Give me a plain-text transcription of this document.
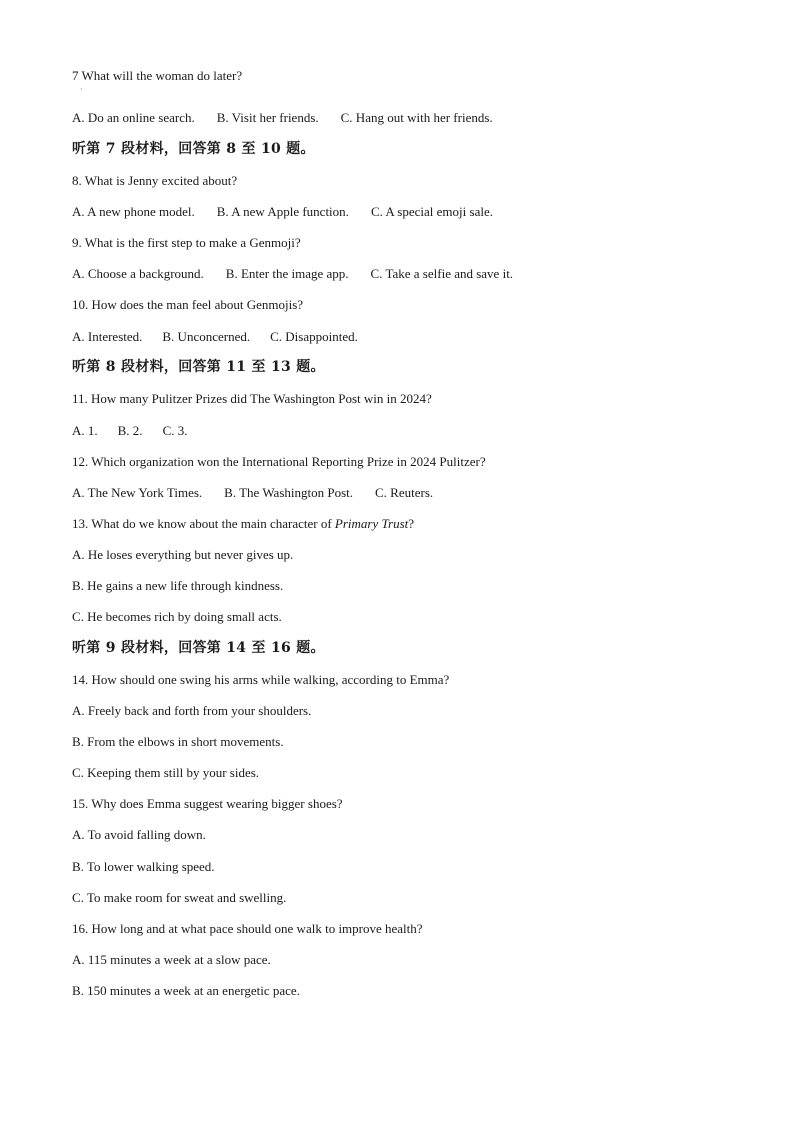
7 What will the woman do later?
·
A. Do an online search. B. Visit her friends. C. Hang out with her friends.
听第 7 段材料，回答第 8 至 10 题。
8. What is Jenny excited about?
A. A new phone model. B. A new Apple function. C. A special emoji sale.
9. What is the first step to make a Genmoji?
A. Choose a background. B. Enter the image app. C. Take a selfie and save it.
10. How does the man feel about Genmojis?
A. Interested. B. Unconcerned. C. Disappointed.
听第 8 段材料，回答第 11 至 13 题。
11. How many Pulitzer Prizes did The Washington Post win in 2024?
A. 1. B. 2. C. 3.
12. Which organization won the International Reporting Prize in 2024 Pulitzer?
A. The New York Times. B. The Washington Post. C. Reuters.
13. What do we know about the main character of Primary Trust?
A. He loses everything but never gives up.
B. He gains a new life through kindness.
C. He becomes rich by doing small acts.
听第 9 段材料，回答第 14 至 16 题。
14. How should one swing his arms while walking, according to Emma?
A. Freely back and forth from your shoulders.
B. From the elbows in short movements.
C. Keeping them still by your sides.
15. Why does Emma suggest wearing bigger shoes?
A. To avoid falling down.
B. To lower walking speed.
C. To make room for sweat and swelling.
16. How long and at what pace should one walk to improve health?
A. 115 minutes a week at a slow pace.
B. 150 minutes a week at an energetic pace.
